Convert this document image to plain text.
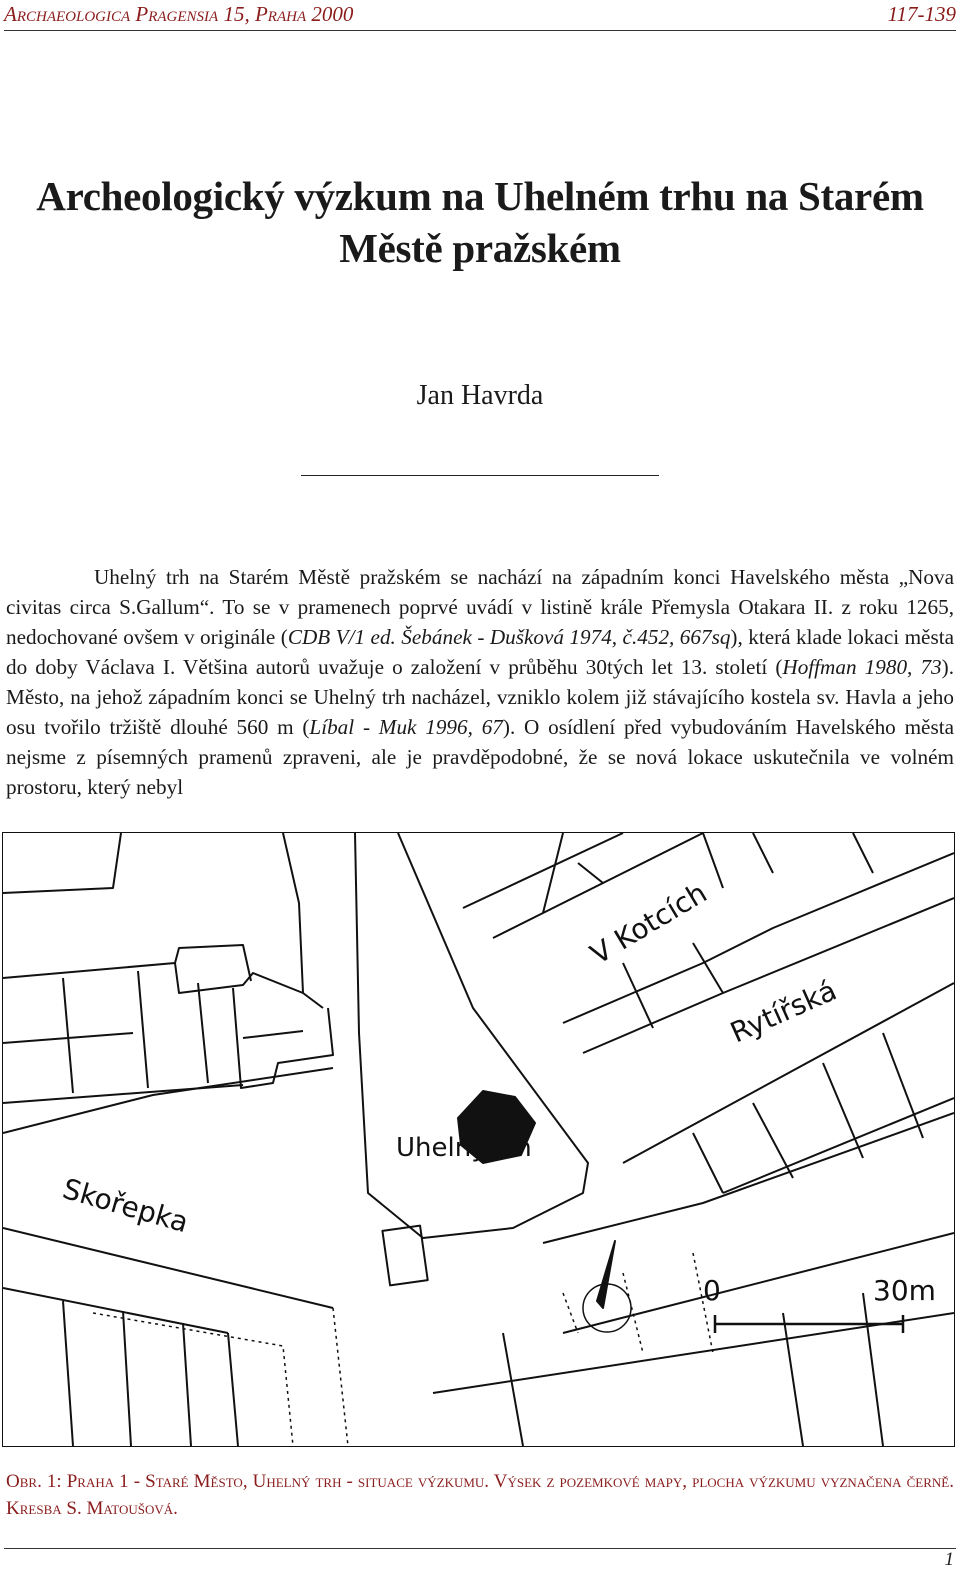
Archaeologica Pragensia 15, Praha 2000	117-139
Archeologický výzkum na Uhelném trhu na Starém
Městě pražském
Jan Havrda

Uhelný trh na Starém Městě pražském se nachází na západním konci Havelského města „Nova civitas circa S.Gallum“. To se v pramenech poprvé uvádí v listině krále Přemysla Otakara II. z roku 1265, nedochované ovšem v originále (CDB V/1 ed. Šebánek - Dušková 1974, č.452, 667sq), která klade lokaci města do doby Václava I. Většina autorů uvažuje o založení v průběhu 30tých let 13. století (Hoffman 1980, 73). Město, na jehož západním konci se Uhelný trh nacházel, vzniklo kolem již stávajícího kostela sv. Havla a jeho osu tvořilo tržiště dlouhé 560 m (Líbal - Muk 1996, 67). O osídlení před vybudováním Havelského města nejsme z písemných pramenů zpraveni, ale je pravděpodobné, že se nová lokace uskutečnila ve volném prostoru, který nebyl

V Kotcích
Rytířská
Uhelný trh
Skořepka
0	30m
Obr. 1: Praha 1 - Staré Město, Uhelný trh - situace výzkumu. Výsek z pozemkové mapy, plocha výzkumu vyznačena černě. Kresba S. Matoušová.
1
